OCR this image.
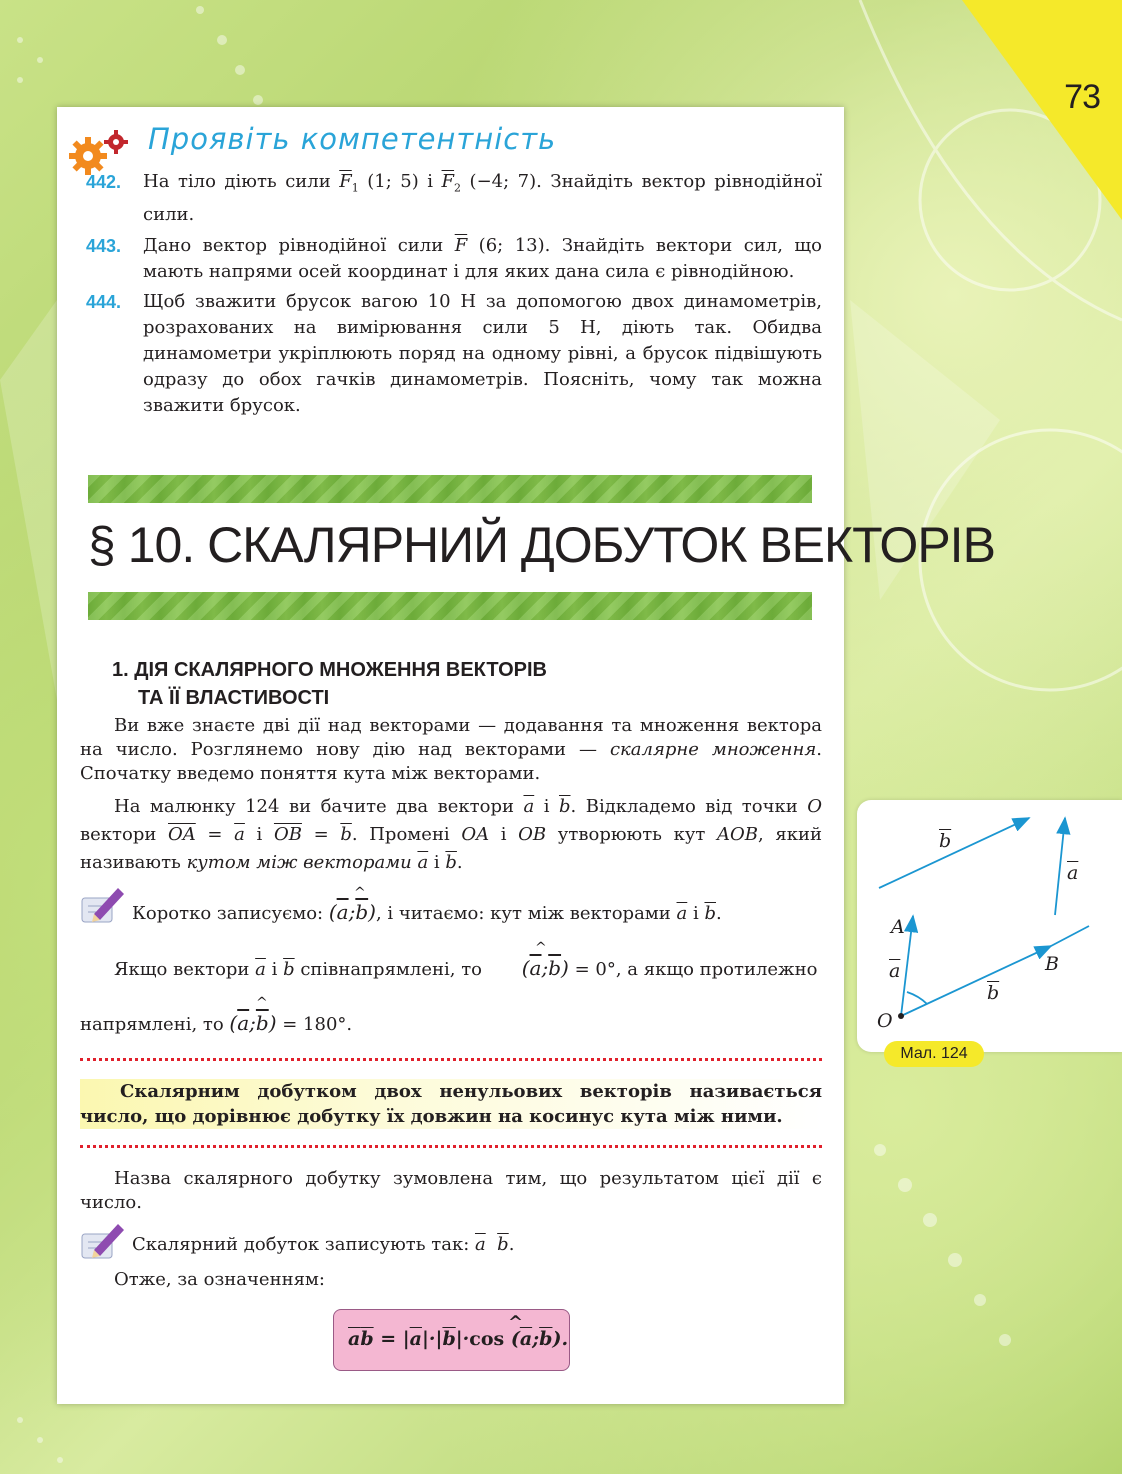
73
Проявіть компетентність
442. На тіло діють сили $\overline{F}_1$ (1; 5) і $\overline{F}_2$ (−4; 7). Знайдіть вектор рівнодійної сили.
443. Дано вектор рівнодійної сили $\overline{F}$ (6; 13). Знайдіть вектори сил, що мають напрями осей координат і для яких дана сила є рівнодійною.
444. Щоб зважити брусок вагою 10 Н за допомогою двох динамометрів, розрахованих на вимірювання сили 5 Н, діють так. Обидва динамометри укріплюють поряд на одному рівні, а брусок підвішують одразу до обох гачків динамометрів. Поясніть, чому так можна зважити брусок.
§ 10. СКАЛЯРНИЙ ДОБУТОК ВЕКТОРІВ
1. ДІЯ СКАЛЯРНОГО МНОЖЕННЯ ВЕКТОРІВ
ТА ЇЇ ВЛАСТИВОСТІ
Ви вже знаєте дві дії над векторами — додавання та множення вектора на число. Розглянемо нову дію над векторами — скалярне множення. Спочатку введемо поняття кута між векторами.
На малюнку 124 ви бачите два вектори $\overline{a}$ і $\overline{b}$. Відкладемо від точки O вектори $\overline{OA} = \overline{a}$ і $\overline{OB} = \overline{b}$. Промені OA і OB утворюють кут AOB, який називають кутом між векторами $\overline{a}$ і $\overline{b}$.
Коротко записуємо: $(\overline{a};\overline{b})$, і читаємо: кут між векторами $\overline{a}$ і $\overline{b}$.
^
Якщо вектори $\overline{a}$ і $\overline{b}$ співнапрямлені, то $(\overline{a};\overline{b}) = 0^\circ$, а якщо протилежно
^
напрямлені, то $(\overline{a};\overline{b}) = 180^\circ$.
^
Скалярним добутком двох ненульових векторів називається число, що дорівнює добутку їх довжин на косинус кута між ними.
Назва скалярного добутку зумовлена тим, що результатом цієї дії є число.
Скалярний добуток записують так: $\overline{a}$ $\overline{b}$.
Отже, за означенням:
$\overline{a}\overline{b} = |\overline{a}|\cdot|\overline{b}|\cdot\cos$ $(\overline{a};\overline{b})$.
^
$\overline{b}$
$\overline{a}$
A
$\overline{a}$	B
$\overline{b}$
O
Мал. 124
